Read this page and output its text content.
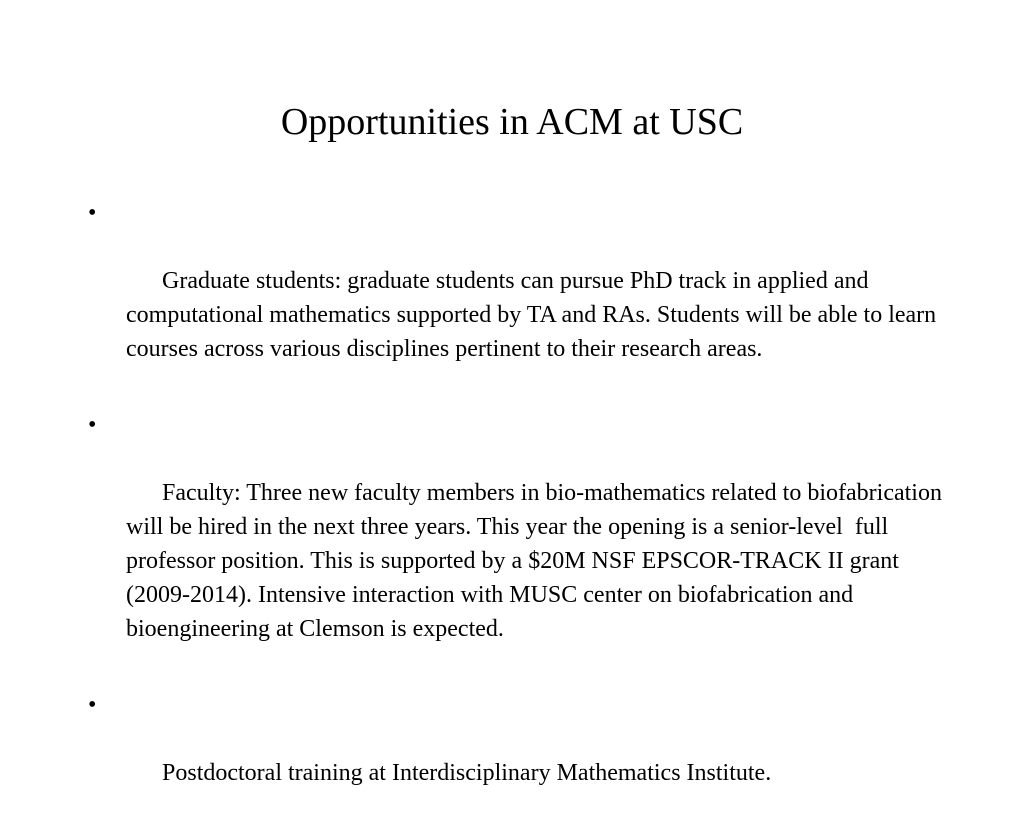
Opportunities in ACM at USC

•

Graduate students: graduate students can pursue PhD track in applied and computational mathematics supported by TA and RAs. Students will be able to learn courses across various disciplines pertinent to their research areas.

•

Faculty: Three new faculty members in bio-mathematics related to biofabrication will be hired in the next three years. This year the opening is a senior-level  full professor position. This is supported by a $20M NSF EPSCOR-TRACK II grant (2009-2014). Intensive interaction with MUSC center on biofabrication and bioengineering at Clemson is expected.

•

Postdoctoral training at Interdisciplinary Mathematics Institute.
